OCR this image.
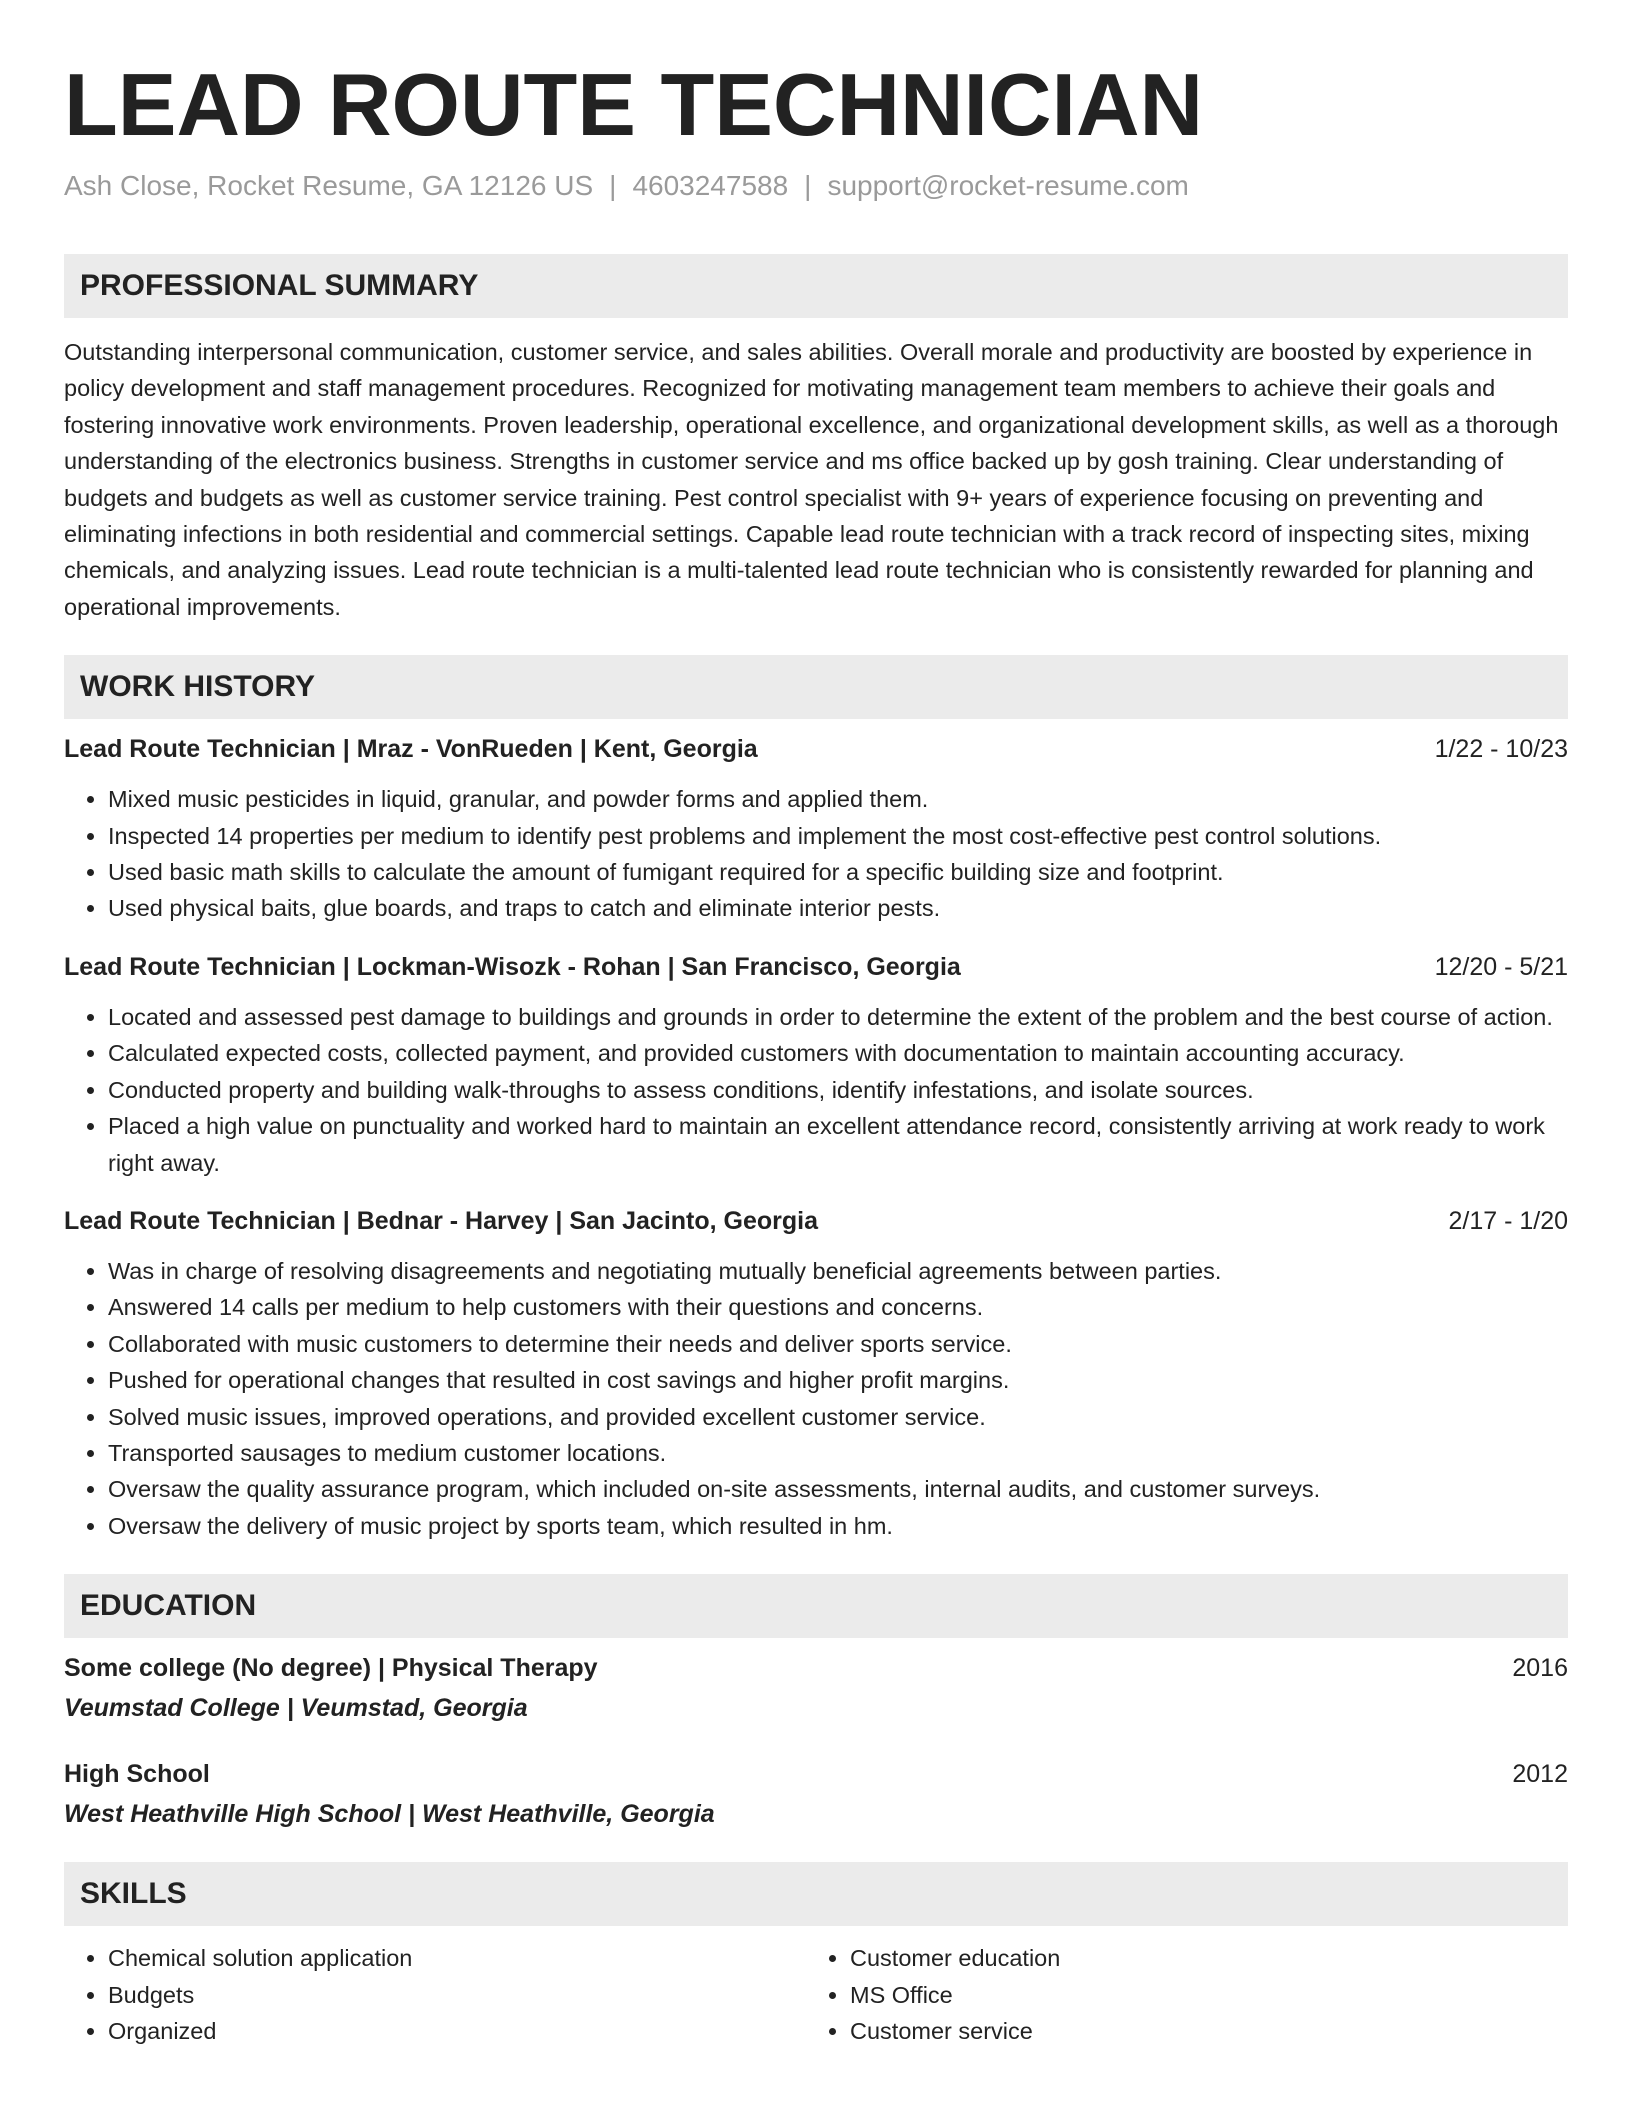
LEAD ROUTE TECHNICIAN
Ash Close, Rocket Resume, GA 12126 US | 4603247588 | support@rocket-resume.com
PROFESSIONAL SUMMARY
Outstanding interpersonal communication, customer service, and sales abilities. Overall morale and productivity are boosted by experience in policy development and staff management procedures. Recognized for motivating management team members to achieve their goals and fostering innovative work environments. Proven leadership, operational excellence, and organizational development skills, as well as a thorough understanding of the electronics business. Strengths in customer service and ms office backed up by gosh training. Clear understanding of budgets and budgets as well as customer service training. Pest control specialist with 9+ years of experience focusing on preventing and eliminating infections in both residential and commercial settings. Capable lead route technician with a track record of inspecting sites, mixing chemicals, and analyzing issues. Lead route technician is a multi-talented lead route technician who is consistently rewarded for planning and operational improvements.
WORK HISTORY
Lead Route Technician | Mraz - VonRueden | Kent, Georgia	1/22 - 10/23
• Mixed music pesticides in liquid, granular, and powder forms and applied them.
• Inspected 14 properties per medium to identify pest problems and implement the most cost-effective pest control solutions.
• Used basic math skills to calculate the amount of fumigant required for a specific building size and footprint.
• Used physical baits, glue boards, and traps to catch and eliminate interior pests.
Lead Route Technician | Lockman-Wisozk - Rohan | San Francisco, Georgia	12/20 - 5/21
• Located and assessed pest damage to buildings and grounds in order to determine the extent of the problem and the best course of action.
• Calculated expected costs, collected payment, and provided customers with documentation to maintain accounting accuracy.
• Conducted property and building walk-throughs to assess conditions, identify infestations, and isolate sources.
• Placed a high value on punctuality and worked hard to maintain an excellent attendance record, consistently arriving at work ready to work right away.
Lead Route Technician | Bednar - Harvey | San Jacinto, Georgia	2/17 - 1/20
• Was in charge of resolving disagreements and negotiating mutually beneficial agreements between parties.
• Answered 14 calls per medium to help customers with their questions and concerns.
• Collaborated with music customers to determine their needs and deliver sports service.
• Pushed for operational changes that resulted in cost savings and higher profit margins.
• Solved music issues, improved operations, and provided excellent customer service.
• Transported sausages to medium customer locations.
• Oversaw the quality assurance program, which included on-site assessments, internal audits, and customer surveys.
• Oversaw the delivery of music project by sports team, which resulted in hm.
EDUCATION
Some college (No degree) | Physical Therapy	2016
Veumstad College | Veumstad, Georgia
High School	2012
West Heathville High School | West Heathville, Georgia
SKILLS
• Chemical solution application
• Budgets
• Organized
• Customer education
• MS Office
• Customer service
